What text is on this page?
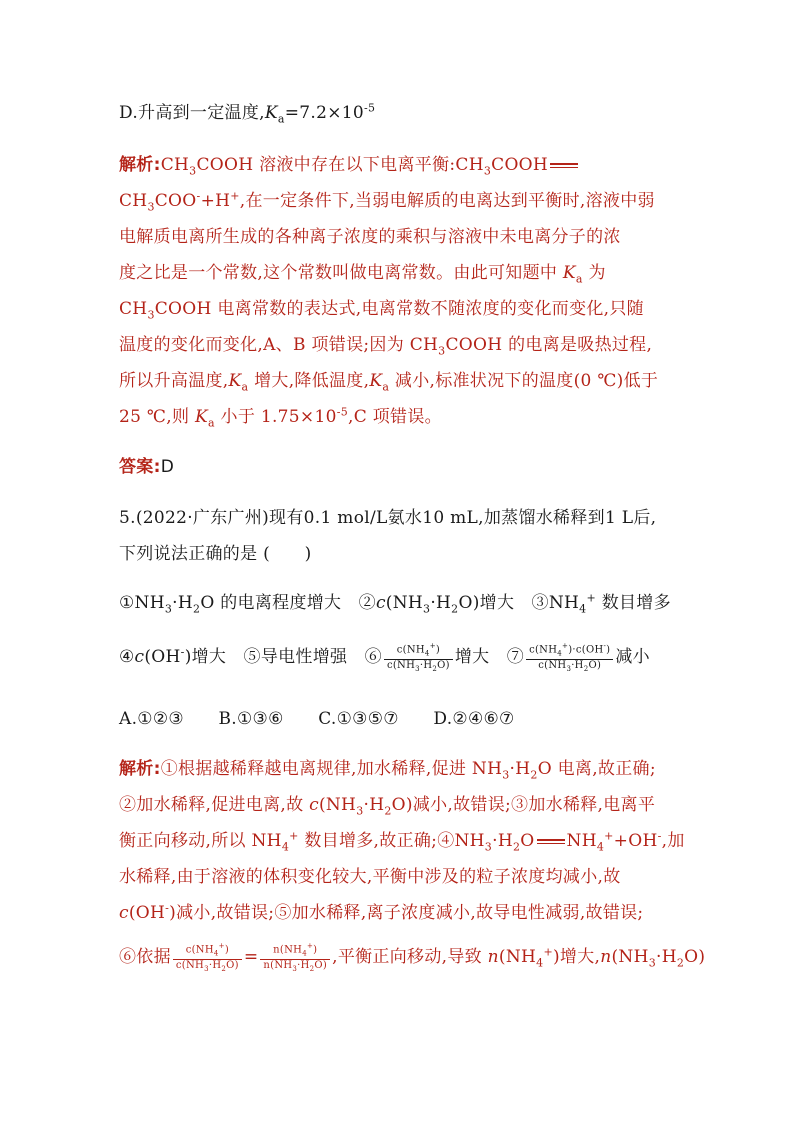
D.升高到一定温度$,K_a=7.2\times 10^{-5}$
解析$:CH_3COOH$ 溶液中存在以下电离平衡$:CH_3COOH$
$CH_3COO^-+H^+$,在一定条件下,当弱电解质的电离达到平衡时,溶液中弱
电解质电离所生成的各种离子浓度的乘积与溶液中未电离分子的浓
度之比是一个常数,这个常数叫做电离常数。由此可知题中 $K_a$ 为
$CH_3COOH$ 电离常数的表达式,电离常数不随浓度的变化而变化,只随
温度的变化而变化,A、B 项错误;因为 $CH_3COOH$ 的电离是吸热过程,
所以升高温度$,K_a$ 增大,降低温度$,K_a$ 减小,标准状况下的温度(0 ℃)低于
25 ℃,则 $K_a$ 小于 $1.75\times 10^{-5},C$ 项错误。
答案:D
5.(2022·广东广州)现有0.1 mol/L氨水10 mL,加蒸馏水稀释到1 L后,
下列说法正确的是 (　　)
$①NH_3\cdot H_2O$ 的电离程度增大　$②c(NH_3\cdot H_2O)$增大　$③NH_4^+$ 数目增多
④c(OH-)增大　⑤导电性增强　⑥ $\frac{c(NH_4^+)}{c(NH_3\cdot H_2O)}$ 增大　⑦ $\frac{c(NH_4^+)\cdot c(OH^-)}{c(NH_3\cdot H_2O)}$ 减小
A.①②③　　B.①③⑥　　C.①③⑤⑦　　D.②④⑥⑦
解析:①根据越稀释越电离规律,加水稀释,促进 $NH_3\cdot H_2O$ 电离,故正确;
②加水稀释,促进电离,故 $c(NH_3\cdot H_2O)$减小,故错误;③加水稀释,电离平
衡正向移动,所以 $NH_4^+$ 数目增多,故正确$;④NH_3\cdot H_2O$ $NH_4^++OH^-$,加
水稀释,由于溶液的体积变化较大,平衡中涉及的粒子浓度均减小,故
c(OH-)减小,故错误;⑤加水稀释,离子浓度减小,故导电性减弱,故错误;
⑥依据 $\frac{c(NH_4^+)}{c(NH_3\cdot H_2O)} = \frac{n(NH_4^+)}{n(NH_3\cdot H_2O)}$ ,平衡正向移动,导致 $n(NH_4^+)$增大$,n(NH_3\cdot H_2O)$
